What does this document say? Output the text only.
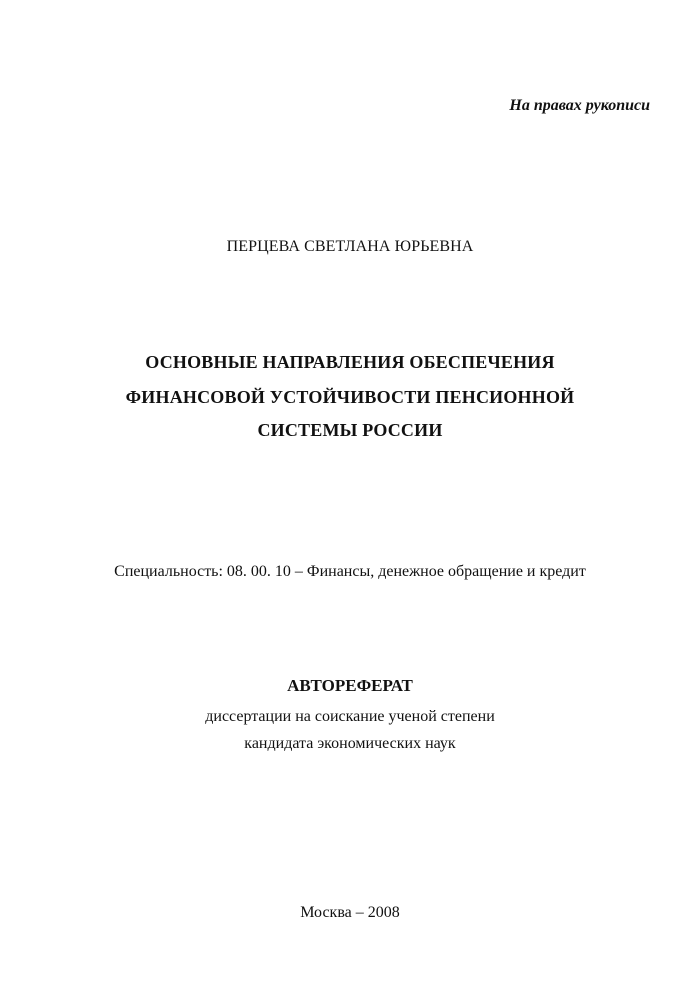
На правах рукописи
ПЕРЦЕВА СВЕТЛАНА ЮРЬЕВНА
ОСНОВНЫЕ НАПРАВЛЕНИЯ ОБЕСПЕЧЕНИЯ
ФИНАНСОВОЙ УСТОЙЧИВОСТИ ПЕНСИОННОЙ
СИСТЕМЫ РОССИИ
Специальность: 08. 00. 10 – Финансы, денежное обращение и кредит
АВТОРЕФЕРАТ
диссертации на соискание ученой степени
кандидата экономических наук
Москва – 2008
